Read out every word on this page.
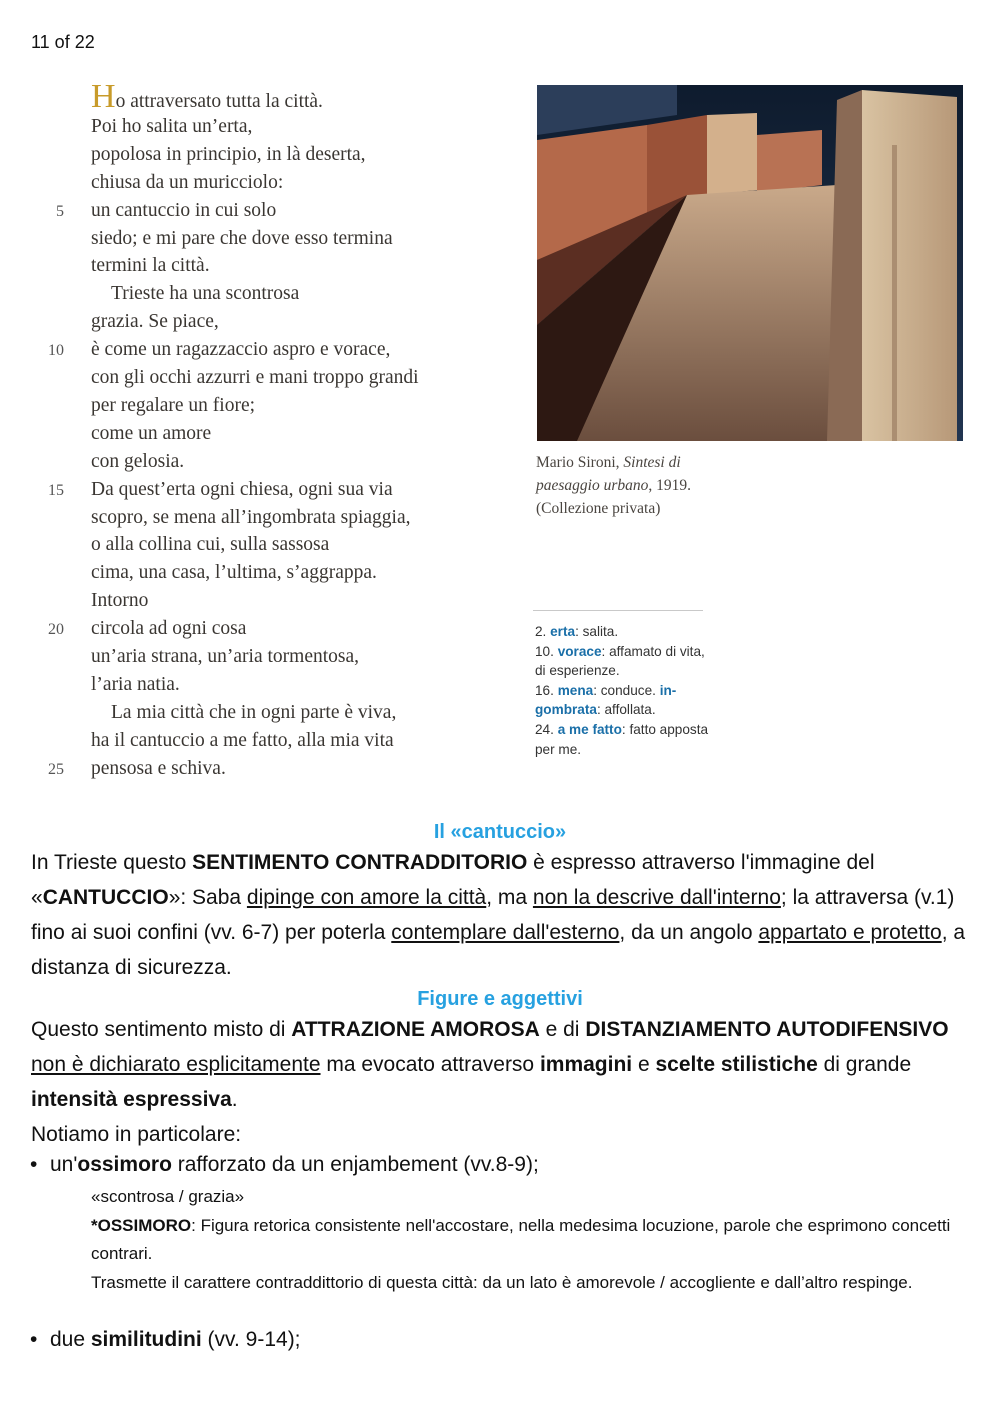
11 of 22
Ho attraversato tutta la città.
Poi ho salita un’erta,
popolosa in principio, in là deserta,
chiusa da un muricciolo:
5 un cantuccio in cui solo
siedo; e mi pare che dove esso termina
termini la città.
Trieste ha una scontrosa
grazia. Se piace,
10 è come un ragazzaccio aspro e vorace,
con gli occhi azzurri e mani troppo grandi
per regalare un fiore;
come un amore
con gelosia.
15 Da quest’erta ogni chiesa, ogni sua via
scopro, se mena all’ingombrata spiaggia,
o alla collina cui, sulla sassosa
cima, una casa, l’ultima, s’aggrappa.
Intorno
20 circola ad ogni cosa
un’aria strana, un’aria tormentosa,
l’aria natia.
La mia città che in ogni parte è viva,
ha il cantuccio a me fatto, alla mia vita
25 pensosa e schiva.
Mario Sironi, Sintesi di paesaggio urbano, 1919.
(Collezione privata)
2. erta: salita.
10. vorace: affamato di vita, di esperienze.
16. mena: conduce. in-
gombrata: affollata.
24. a me fatto: fatto apposta per me.
Il «cantuccio»
In Trieste questo SENTIMENTO CONTRADDITORIO è espresso attraverso l'immagine del «CANTUCCIO»: Saba dipinge con amore la città, ma non la descrive dall'interno; la attraversa (v.1) fino ai suoi confini (vv. 6-7) per poterla contemplare dall'esterno, da un angolo appartato e protetto, a distanza di sicurezza.
Figure e aggettivi
Questo sentimento misto di ATTRAZIONE AMOROSA e di DISTANZIAMENTO AUTODIFENSIVO non è dichiarato esplicitamente ma evocato attraverso immagini e scelte stilistiche di grande intensità espressiva.
Notiamo in particolare:
• un'ossimoro rafforzato da un enjambement (vv.8-9);
«scontrosa / grazia»
*OSSIMORO: Figura retorica consistente nell'accostare, nella medesima locuzione, parole che esprimono concetti contrari.
Trasmette il carattere contraddittorio di questa città: da un lato è amorevole / accogliente e dall’altro respinge.
• due similitudini (vv. 9-14);
